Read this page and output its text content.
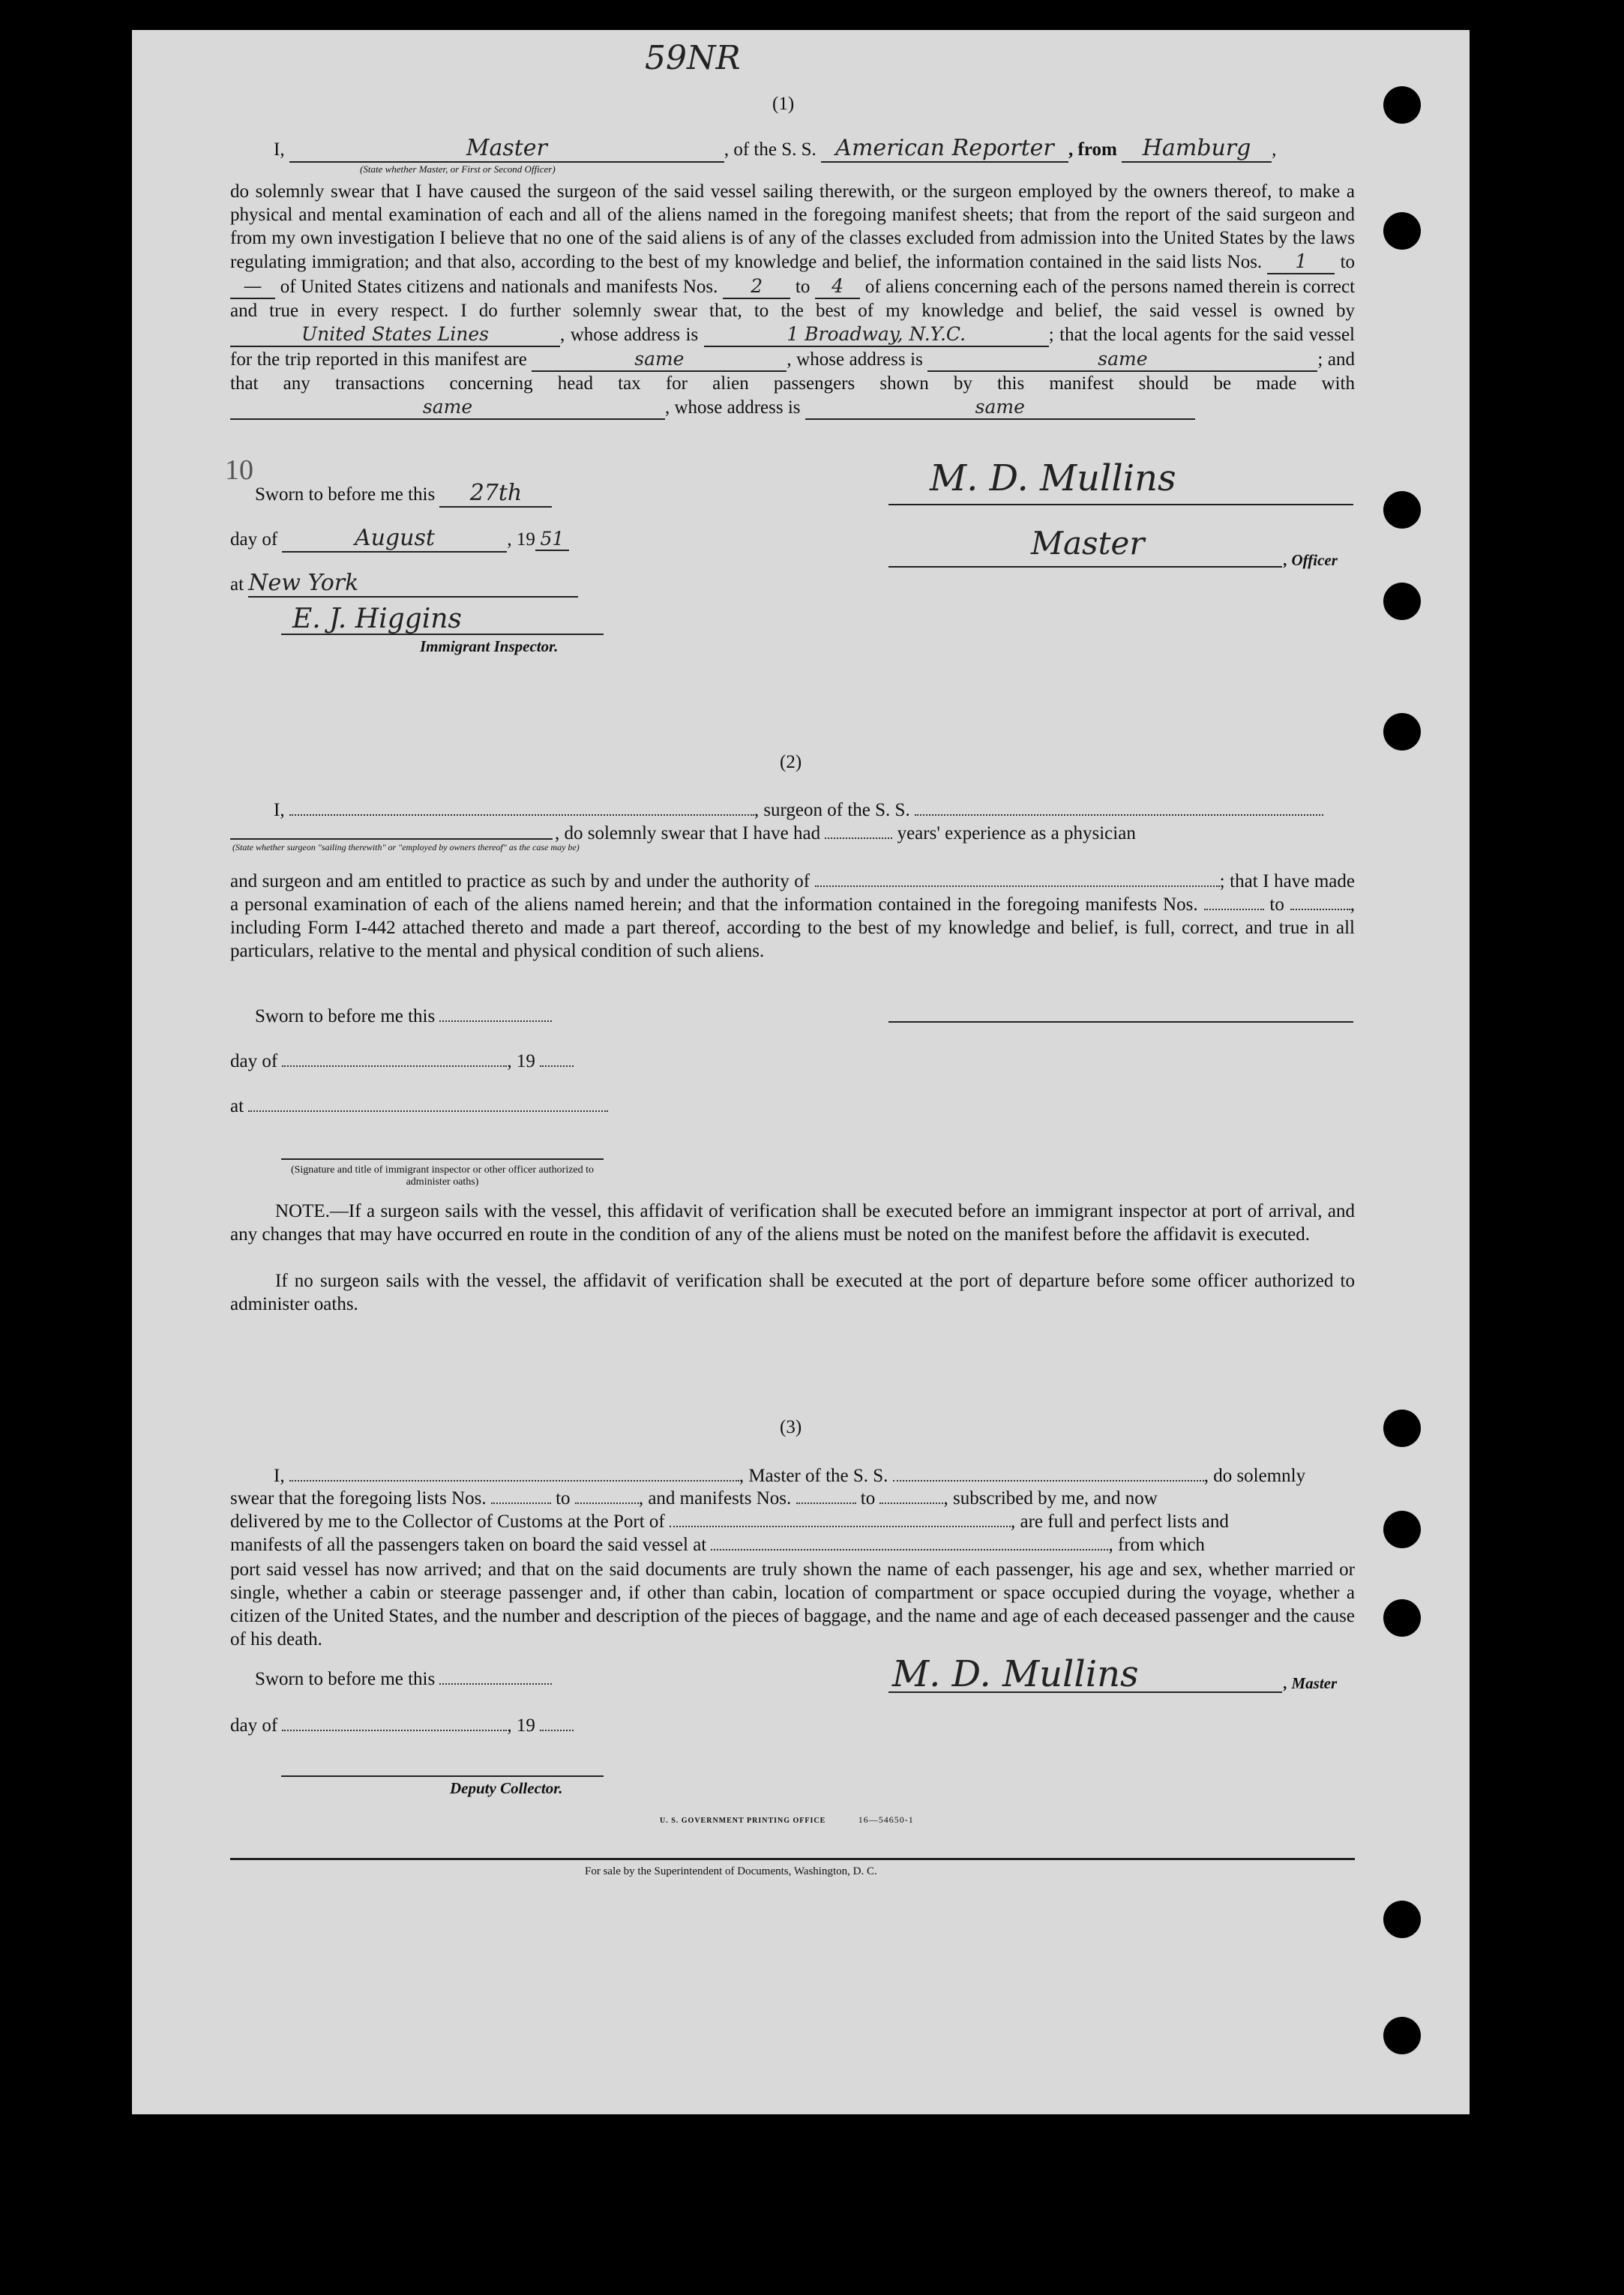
59NR
(1)
I,	Master	, of the S. S. American Reporter , from Hamburg ,
(State whether Master, or First or Second Officer)
do solemnly swear that I have caused the surgeon of the said vessel sailing therewith, or the surgeon employed by the owners thereof, to make a physical and mental examination of each and all of the aliens named in the foregoing manifest sheets; that from the report of the said surgeon and from my own investigation I believe that no one of the said aliens is of any of the classes excluded from admission into the United States by the laws regulating immigration; and that also, according to the best of my knowledge and belief, the information contained in the said lists Nos. 1 to — of United States citizens and nationals and manifests Nos. 2 to 4 of aliens concerning each of the persons named therein is correct and true in every respect. I do further solemnly swear that, to the best of my knowledge and belief, the said vessel is owned by United States Lines	, whose address is	1 Broadway, N.Y.C.	; that the local agents for the said vessel for the trip reported in this manifest are	same	, whose address is	same	; and that any transactions concerning head tax for alien passengers shown by this manifest should be made with same	, whose address is	same
10
Sworn to before me this 27th
day of	August	, 19 51
at New York
E. J. Higgins
Immigrant Inspector.
M. D. Mullins
Master	, Officer
(2)
I,	, surgeon of the S. S.
, do solemnly swear that I have had	years' experience as a physician
(State whether surgeon "sailing therewith" or "employed by owners thereof" as the case may be)
and surgeon and am entitled to practice as such by and under the authority of	; that I have made a personal examination of each of the aliens named herein; and that the information contained in the foregoing manifests Nos.	to	, including Form I-442 attached thereto and made a part thereof, according to the best of my knowledge and belief, is full, correct, and true in all particulars, relative to the mental and physical condition of such aliens.
Sworn to before me this
day of	, 19
at
(Signature and title of immigrant inspector or other officer authorized to administer oaths)
NOTE.—If a surgeon sails with the vessel, this affidavit of verification shall be executed before an immigrant inspector at port of arrival, and any changes that may have occurred en route in the condition of any of the aliens must be noted on the manifest before the affidavit is executed.
If no surgeon sails with the vessel, the affidavit of verification shall be executed at the port of departure before some officer authorized to administer oaths.
(3)
I,	, Master of the S. S.	, do solemnly
swear that the foregoing lists Nos.	to	, and manifests Nos.	to	, subscribed by me, and now
delivered by me to the Collector of Customs at the Port of	, are full and perfect lists and
manifests of all the passengers taken on board the said vessel at	, from which
port said vessel has now arrived; and that on the said documents are truly shown the name of each passenger, his age and sex, whether married or single, whether a cabin or steerage passenger and, if other than cabin, location of compartment or space occupied during the voyage, whether a citizen of the United States, and the number and description of the pieces of baggage, and the name and age of each deceased passenger and the cause of his death.
Sworn to before me this	M. D. Mullins	, Master
day of	, 19
Deputy Collector.
U. S. GOVERNMENT PRINTING OFFICE	16—54650-1
For sale by the Superintendent of Documents, Washington, D. C.
